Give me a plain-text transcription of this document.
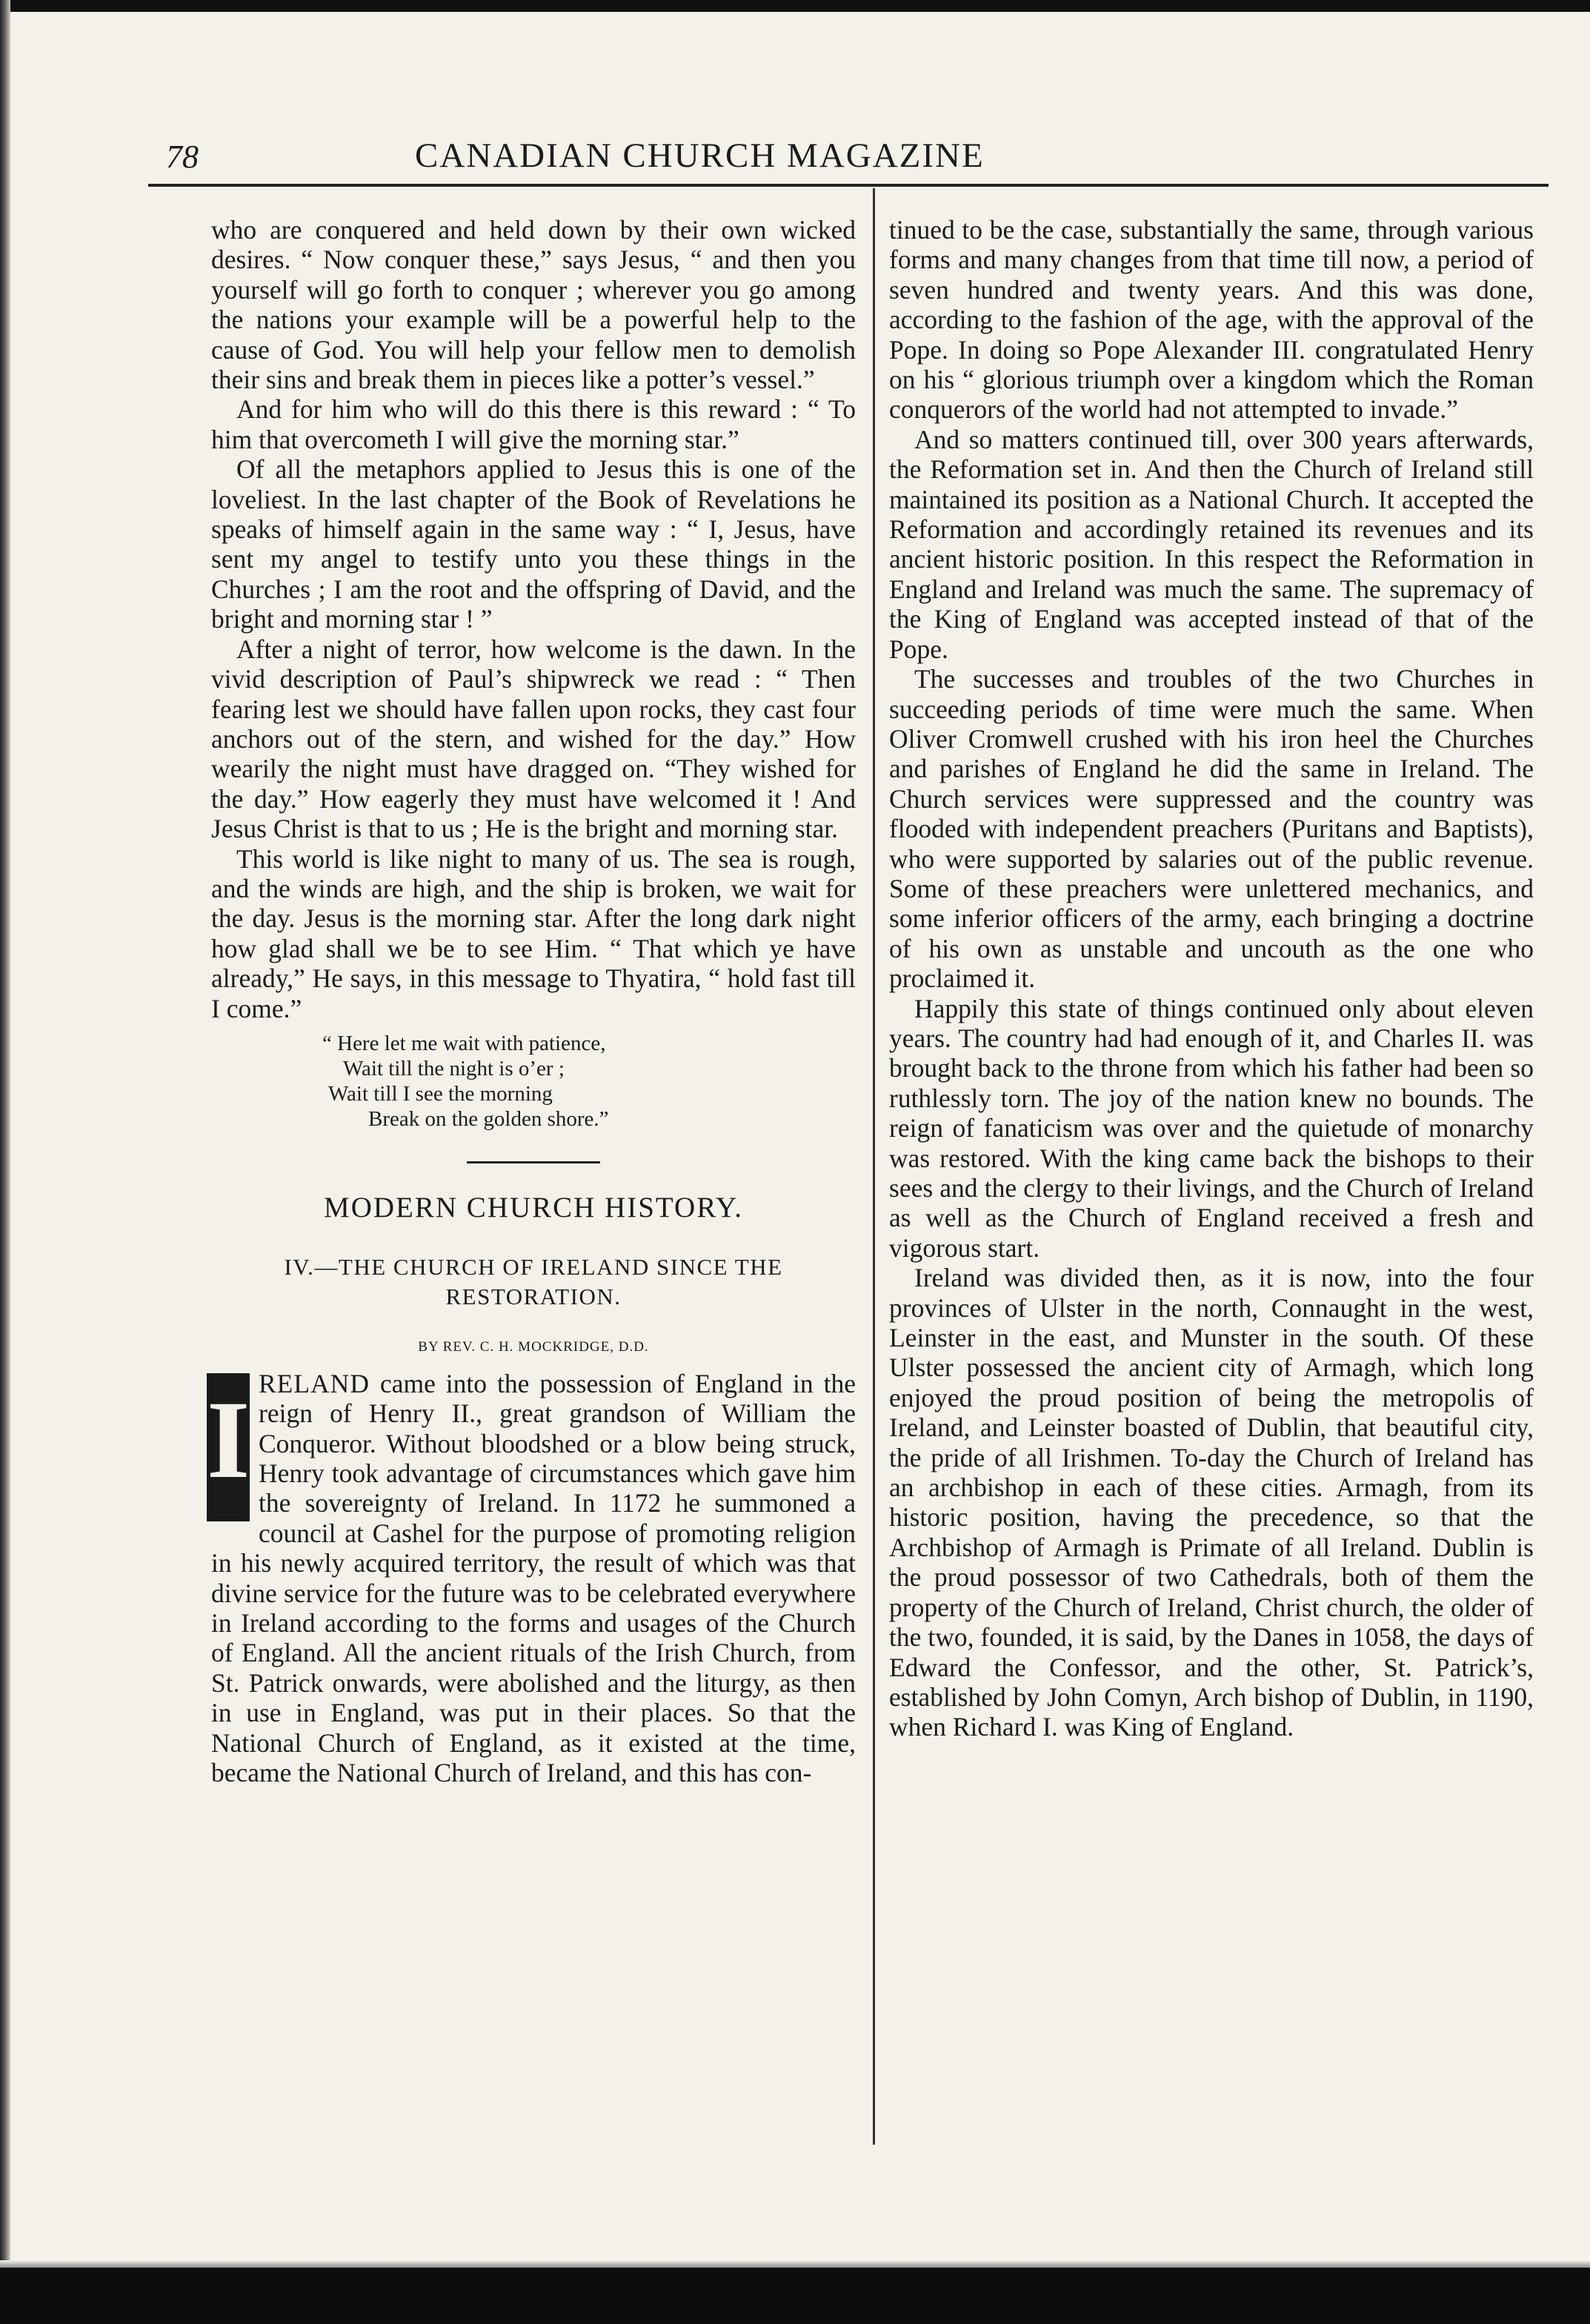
78	CANADIAN CHURCH MAGAZINE

who are conquered and held down by their own wicked desires. “ Now conquer these,” says Jesus, “ and then you yourself will go forth to conquer ; wherever you go among the nations your example will be a powerful help to the cause of God. You will help your fellow men to demolish their sins and break them in pieces like a potter’s vessel.”

And for him who will do this there is this reward : “ To him that overcometh I will give the morning star.”

Of all the metaphors applied to Jesus this is one of the loveliest. In the last chapter of the Book of Revelations he speaks of himself again in the same way : “ I, Jesus, have sent my angel to testify unto you these things in the Churches ; I am the root and the offspring of David, and the bright and morning star ! ”

After a night of terror, how welcome is the dawn. In the vivid description of Paul’s shipwreck we read : “ Then fearing lest we should have fallen upon rocks, they cast four anchors out of the stern, and wished for the day.” How wearily the night must have dragged on. “They wished for the day.” How eagerly they must have welcomed it ! And Jesus Christ is that to us ; He is the bright and morning star.

This world is like night to many of us. The sea is rough, and the winds are high, and the ship is broken, we wait for the day. Jesus is the morning star. After the long dark night how glad shall we be to see Him. “ That which ye have already,” He says, in this message to Thyatira, “ hold fast till I come.”

“ Here let me wait with patience,
Wait till the night is o’er ;
Wait till I see the morning
Break on the golden shore.”
MODERN CHURCH HISTORY.
IV.—THE CHURCH OF IRELAND SINCE THE RESTORATION.
BY REV. C. H. MOCKRIDGE, D.D.

I RELAND came into the possession of England in the reign of Henry II., great grandson of William the Conqueror. Without bloodshed or a blow being struck, Henry took advantage of circumstances which gave him the sovereignty of Ireland. In 1172 he summoned a council at Cashel for the purpose of promoting religion in his newly acquired territory, the result of which was that divine service for the future was to be celebrated everywhere in Ireland according to the forms and usages of the Church of England. All the ancient rituals of the Irish Church, from St. Patrick onwards, were abolished and the liturgy, as then in use in England, was put in their places. So that the National Church of England, as it existed at the time, became the National Church of Ireland, and this has con-

tinued to be the case, substantially the same, through various forms and many changes from that time till now, a period of seven hundred and twenty years. And this was done, according to the fashion of the age, with the approval of the Pope. In doing so Pope Alexander III. congratulated Henry on his “ glorious triumph over a kingdom which the Roman conquerors of the world had not attempted to invade.”

And so matters continued till, over 300 years afterwards, the Reformation set in. And then the Church of Ireland still maintained its position as a National Church. It accepted the Reformation and accordingly retained its revenues and its ancient historic position. In this respect the Reformation in England and Ireland was much the same. The supremacy of the King of England was accepted instead of that of the Pope.

The successes and troubles of the two Churches in succeeding periods of time were much the same. When Oliver Cromwell crushed with his iron heel the Churches and parishes of England he did the same in Ireland. The Church services were suppressed and the country was flooded with independent preachers (Puritans and Baptists), who were supported by salaries out of the public revenue. Some of these preachers were unlettered mechanics, and some inferior officers of the army, each bringing a doctrine of his own as unstable and uncouth as the one who proclaimed it.

Happily this state of things continued only about eleven years. The country had had enough of it, and Charles II. was brought back to the throne from which his father had been so ruthlessly torn. The joy of the nation knew no bounds. The reign of fanaticism was over and the quietude of monarchy was restored. With the king came back the bishops to their sees and the clergy to their livings, and the Church of Ireland as well as the Church of England received a fresh and vigorous start.

Ireland was divided then, as it is now, into the four provinces of Ulster in the north, Connaught in the west, Leinster in the east, and Munster in the south. Of these Ulster possessed the ancient city of Armagh, which long enjoyed the proud position of being the metropolis of Ireland, and Leinster boasted of Dublin, that beautiful city, the pride of all Irishmen. To-day the Church of Ireland has an archbishop in each of these cities. Armagh, from its historic position, having the precedence, so that the Archbishop of Armagh is Primate of all Ireland. Dublin is the proud possessor of two Cathedrals, both of them the property of the Church of Ireland, Christ church, the older of the two, founded, it is said, by the Danes in 1058, the days of Edward the Confessor, and the other, St. Patrick’s, established by John Comyn, Arch bishop of Dublin, in 1190, when Richard I. was King of England.
